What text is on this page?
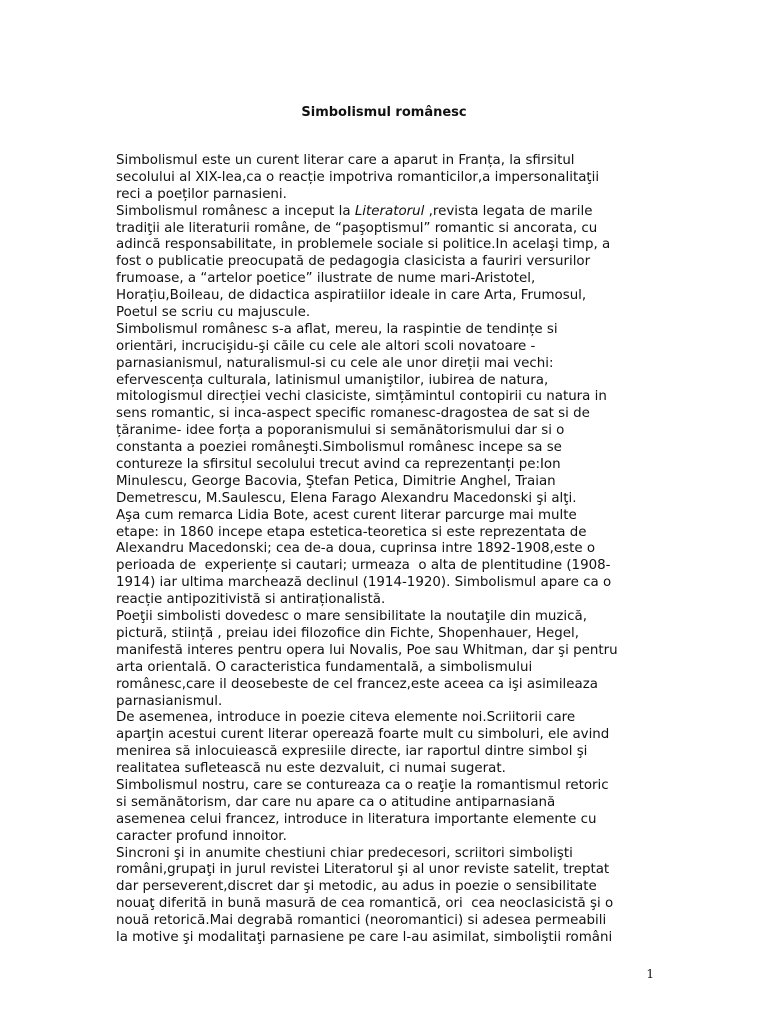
Simbolismul românesc
Simbolismul este un curent literar care a aparut in Franța, la sfirsitul
secolului al XIX-lea,ca o reacție impotriva romanticilor,a impersonalitaţii
reci a poeților parnasieni.
Simbolismul românesc a inceput la Literatorul ,revista legata de marile
tradiţii ale literaturii române, de “paşoptismul” romantic si ancorata, cu
adincă responsabilitate, in problemele sociale si politice.In acelaşi timp, a
fost o publicatie preocupată de pedagogia clasicista a fauriri versurilor
frumoase, a “artelor poetice” ilustrate de nume mari-Aristotel,
Horațiu,Boileau, de didactica aspiratiilor ideale in care Arta, Frumosul,
Poetul se scriu cu majuscule.
Simbolismul românesc s-a aflat, mereu, la raspintie de tendințe si
orientări, incrucişidu-şi căile cu cele ale altori scoli novatoare -
parnasianismul, naturalismul-si cu cele ale unor direții mai vechi:
efervescența culturala, latinismul umaniştilor, iubirea de natura,
mitologismul direcției vechi clasiciste, simțămintul contopirii cu natura in
sens romantic, si inca-aspect specific romanesc-dragostea de sat si de
țăranime- idee forța a poporanismului si semănătorismului dar si o
constanta a poeziei româneşti.Simbolismul românesc incepe sa se
contureze la sfirsitul secolului trecut avind ca reprezentanți pe:Ion
Minulescu, George Bacovia, Ştefan Petica, Dimitrie Anghel, Traian
Demetrescu, M.Saulescu, Elena Farago Alexandru Macedonski şi alţi.
Aşa cum remarca Lidia Bote, acest curent literar parcurge mai multe
etape: in 1860 incepe etapa estetica-teoretica si este reprezentata de
Alexandru Macedonski; cea de-a doua, cuprinsa intre 1892-1908,este o
perioada de  experiențe si cautari; urmeaza  o alta de plentitudine (1908-
1914) iar ultima marchează declinul (1914-1920). Simbolismul apare ca o
reacție antipozitivistă si antiraționalistă.
Poeţii simbolisti dovedesc o mare sensibilitate la noutaţile din muzică,
pictură, stiință , preiau idei filozofice din Fichte, Shopenhauer, Hegel,
manifestă interes pentru opera lui Novalis, Poe sau Whitman, dar şi pentru
arta orientală. O caracteristica fundamentală, a simbolismului
românesc,care il deosebeste de cel francez,este aceea ca işi asimileaza
parnasianismul.
De asemenea, introduce in poezie citeva elemente noi.Scriitorii care
aparţin acestui curent literar operează foarte mult cu simboluri, ele avind
menirea să inlocuiească expresiile directe, iar raportul dintre simbol şi
realitatea sufletească nu este dezvaluit, ci numai sugerat.
Simbolismul nostru, care se contureaza ca o reaţie la romantismul retoric
si semănătorism, dar care nu apare ca o atitudine antiparnasiană
asemenea celui francez, introduce in literatura importante elemente cu
caracter profund innoitor.
Sincroni şi in anumite chestiuni chiar predecesori, scriitori simbolişti
români,grupaţi in jurul revistei Literatorul şi al unor reviste satelit, treptat
dar perseverent,discret dar şi metodic, au adus in poezie o sensibilitate
nouaţ diferită in bună masură de cea romantică, ori  cea neoclasicistă şi o
nouă retorică.Mai degrabă romantici (neoromantici) si adesea permeabili
la motive şi modalitaţi parnasiene pe care l-au asimilat, simboliştii români
1
